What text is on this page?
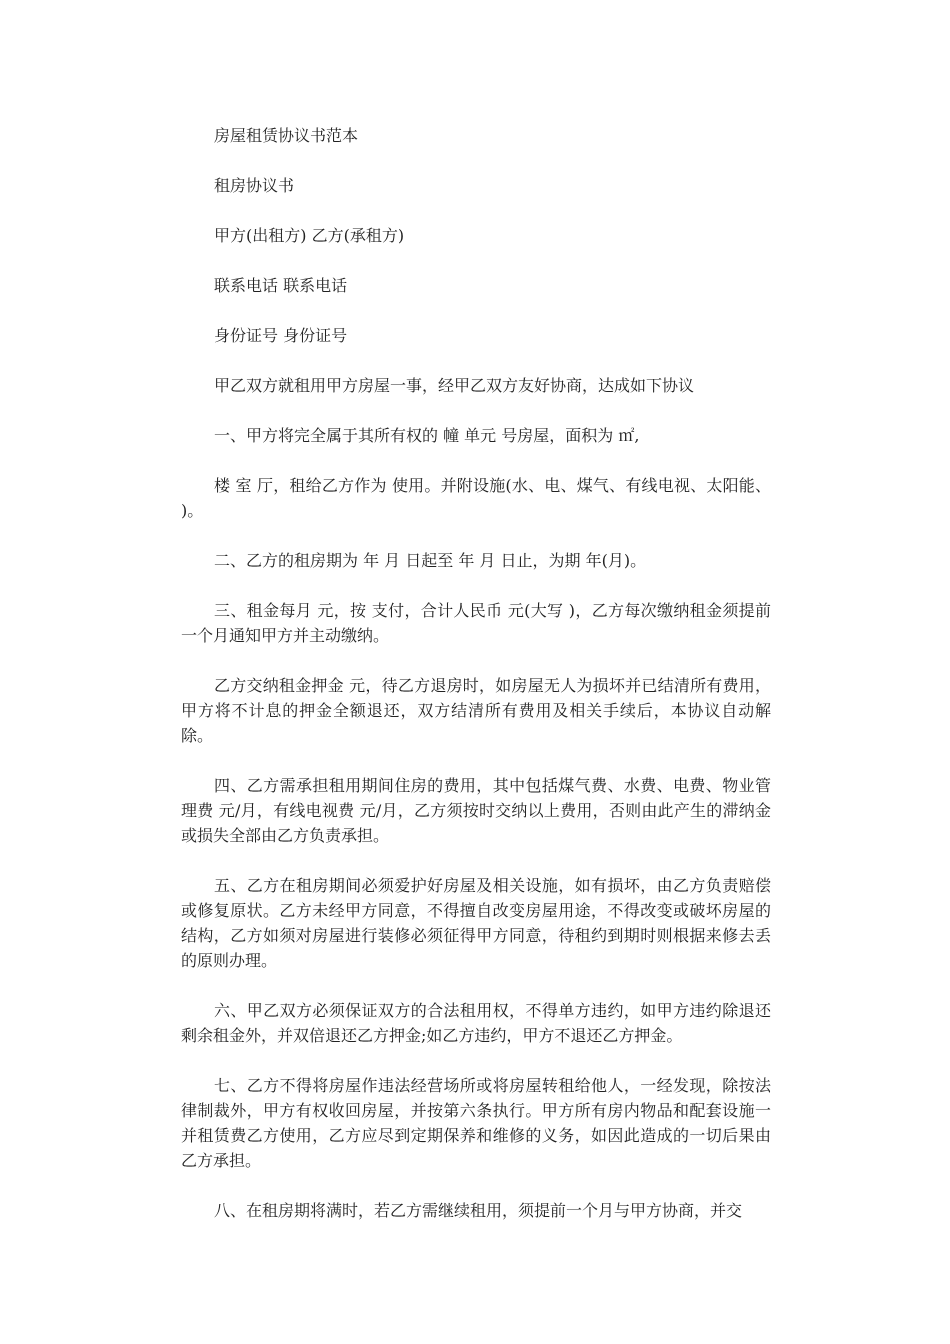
房屋租赁协议书范本

租房协议书

甲方(出租方) 乙方(承租方)

联系电话 联系电话

身份证号 身份证号

甲乙双方就租用甲方房屋一事，经甲乙双方友好协商，达成如下协议

一、甲方将完全属于其所有权的 幢 单元 号房屋，面积为 ㎡,

楼 室 厅，租给乙方作为 使用。并附设施(水、电、煤气、有线电视、太阳能、 )。

二、乙方的租房期为 年 月 日起至 年 月 日止，为期 年(月)。

三、租金每月 元，按 支付，合计人民币 元(大写 )，乙方每次缴纳租金须提前一个月通知甲方并主动缴纳。

乙方交纳租金押金 元，待乙方退房时，如房屋无人为损坏并已结清所有费用，甲方将不计息的押金全额退还，双方结清所有费用及相关手续后，本协议自动解除。

四、乙方需承担租用期间住房的费用，其中包括煤气费、水费、电费、物业管理费 元/月，有线电视费 元/月，乙方须按时交纳以上费用，否则由此产生的滞纳金或损失全部由乙方负责承担。

五、乙方在租房期间必须爱护好房屋及相关设施，如有损坏，由乙方负责赔偿或修复原状。乙方未经甲方同意，不得擅自改变房屋用途，不得改变或破坏房屋的结构，乙方如须对房屋进行装修必须征得甲方同意，待租约到期时则根据来修去丢的原则办理。

六、甲乙双方必须保证双方的合法租用权，不得单方违约，如甲方违约除退还剩余租金外，并双倍退还乙方押金;如乙方违约，甲方不退还乙方押金。

七、乙方不得将房屋作违法经营场所或将房屋转租给他人，一经发现，除按法律制裁外，甲方有权收回房屋，并按第六条执行。甲方所有房内物品和配套设施一并租赁费乙方使用，乙方应尽到定期保养和维修的义务，如因此造成的一切后果由乙方承担。

八、在租房期将满时，若乙方需继续租用，须提前一个月与甲方协商，并交
